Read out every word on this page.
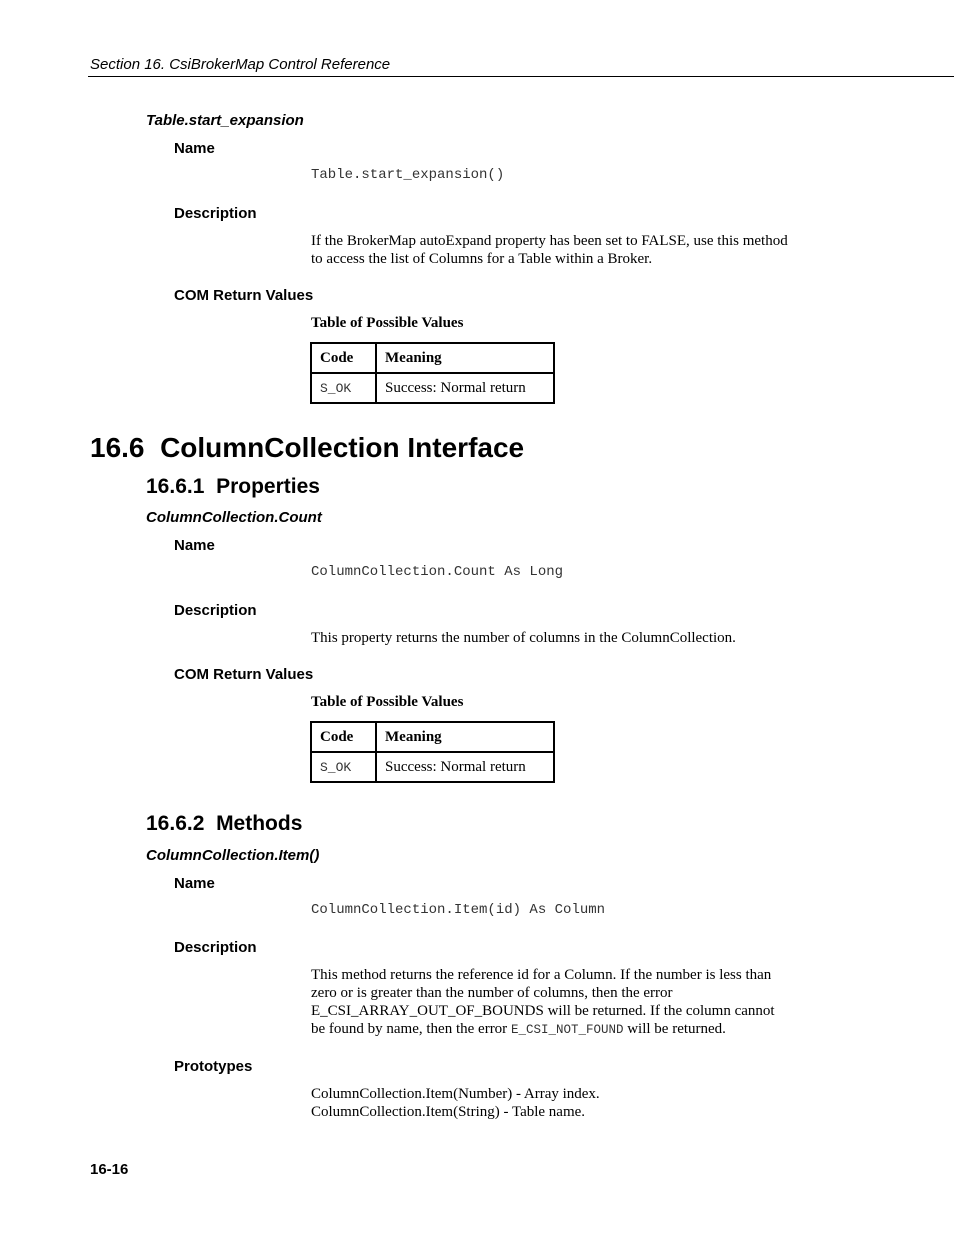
Section 16. CsiBrokerMap Control Reference
Table.start_expansion
Name
Table.start_expansion()
Description
If the BrokerMap autoExpand property has been set to FALSE, use this method
to access the list of Columns for a Table within a Broker.
COM Return Values
Table of Possible Values
Code	Meaning
S_OK	Success: Normal return
16.6 ColumnCollection Interface
16.6.1 Properties
ColumnCollection.Count
Name
ColumnCollection.Count As Long
Description
This property returns the number of columns in the ColumnCollection.
COM Return Values
Table of Possible Values
Code	Meaning
S_OK	Success: Normal return
16.6.2 Methods
ColumnCollection.Item()
Name
ColumnCollection.Item(id) As Column
Description
This method returns the reference id for a Column. If the number is less than
zero or is greater than the number of columns, then the error
E_CSI_ARRAY_OUT_OF_BOUNDS will be returned. If the column cannot
be found by name, then the error E_CSI_NOT_FOUND will be returned.
Prototypes
ColumnCollection.Item(Number) - Array index.
ColumnCollection.Item(String) - Table name.
16-16
